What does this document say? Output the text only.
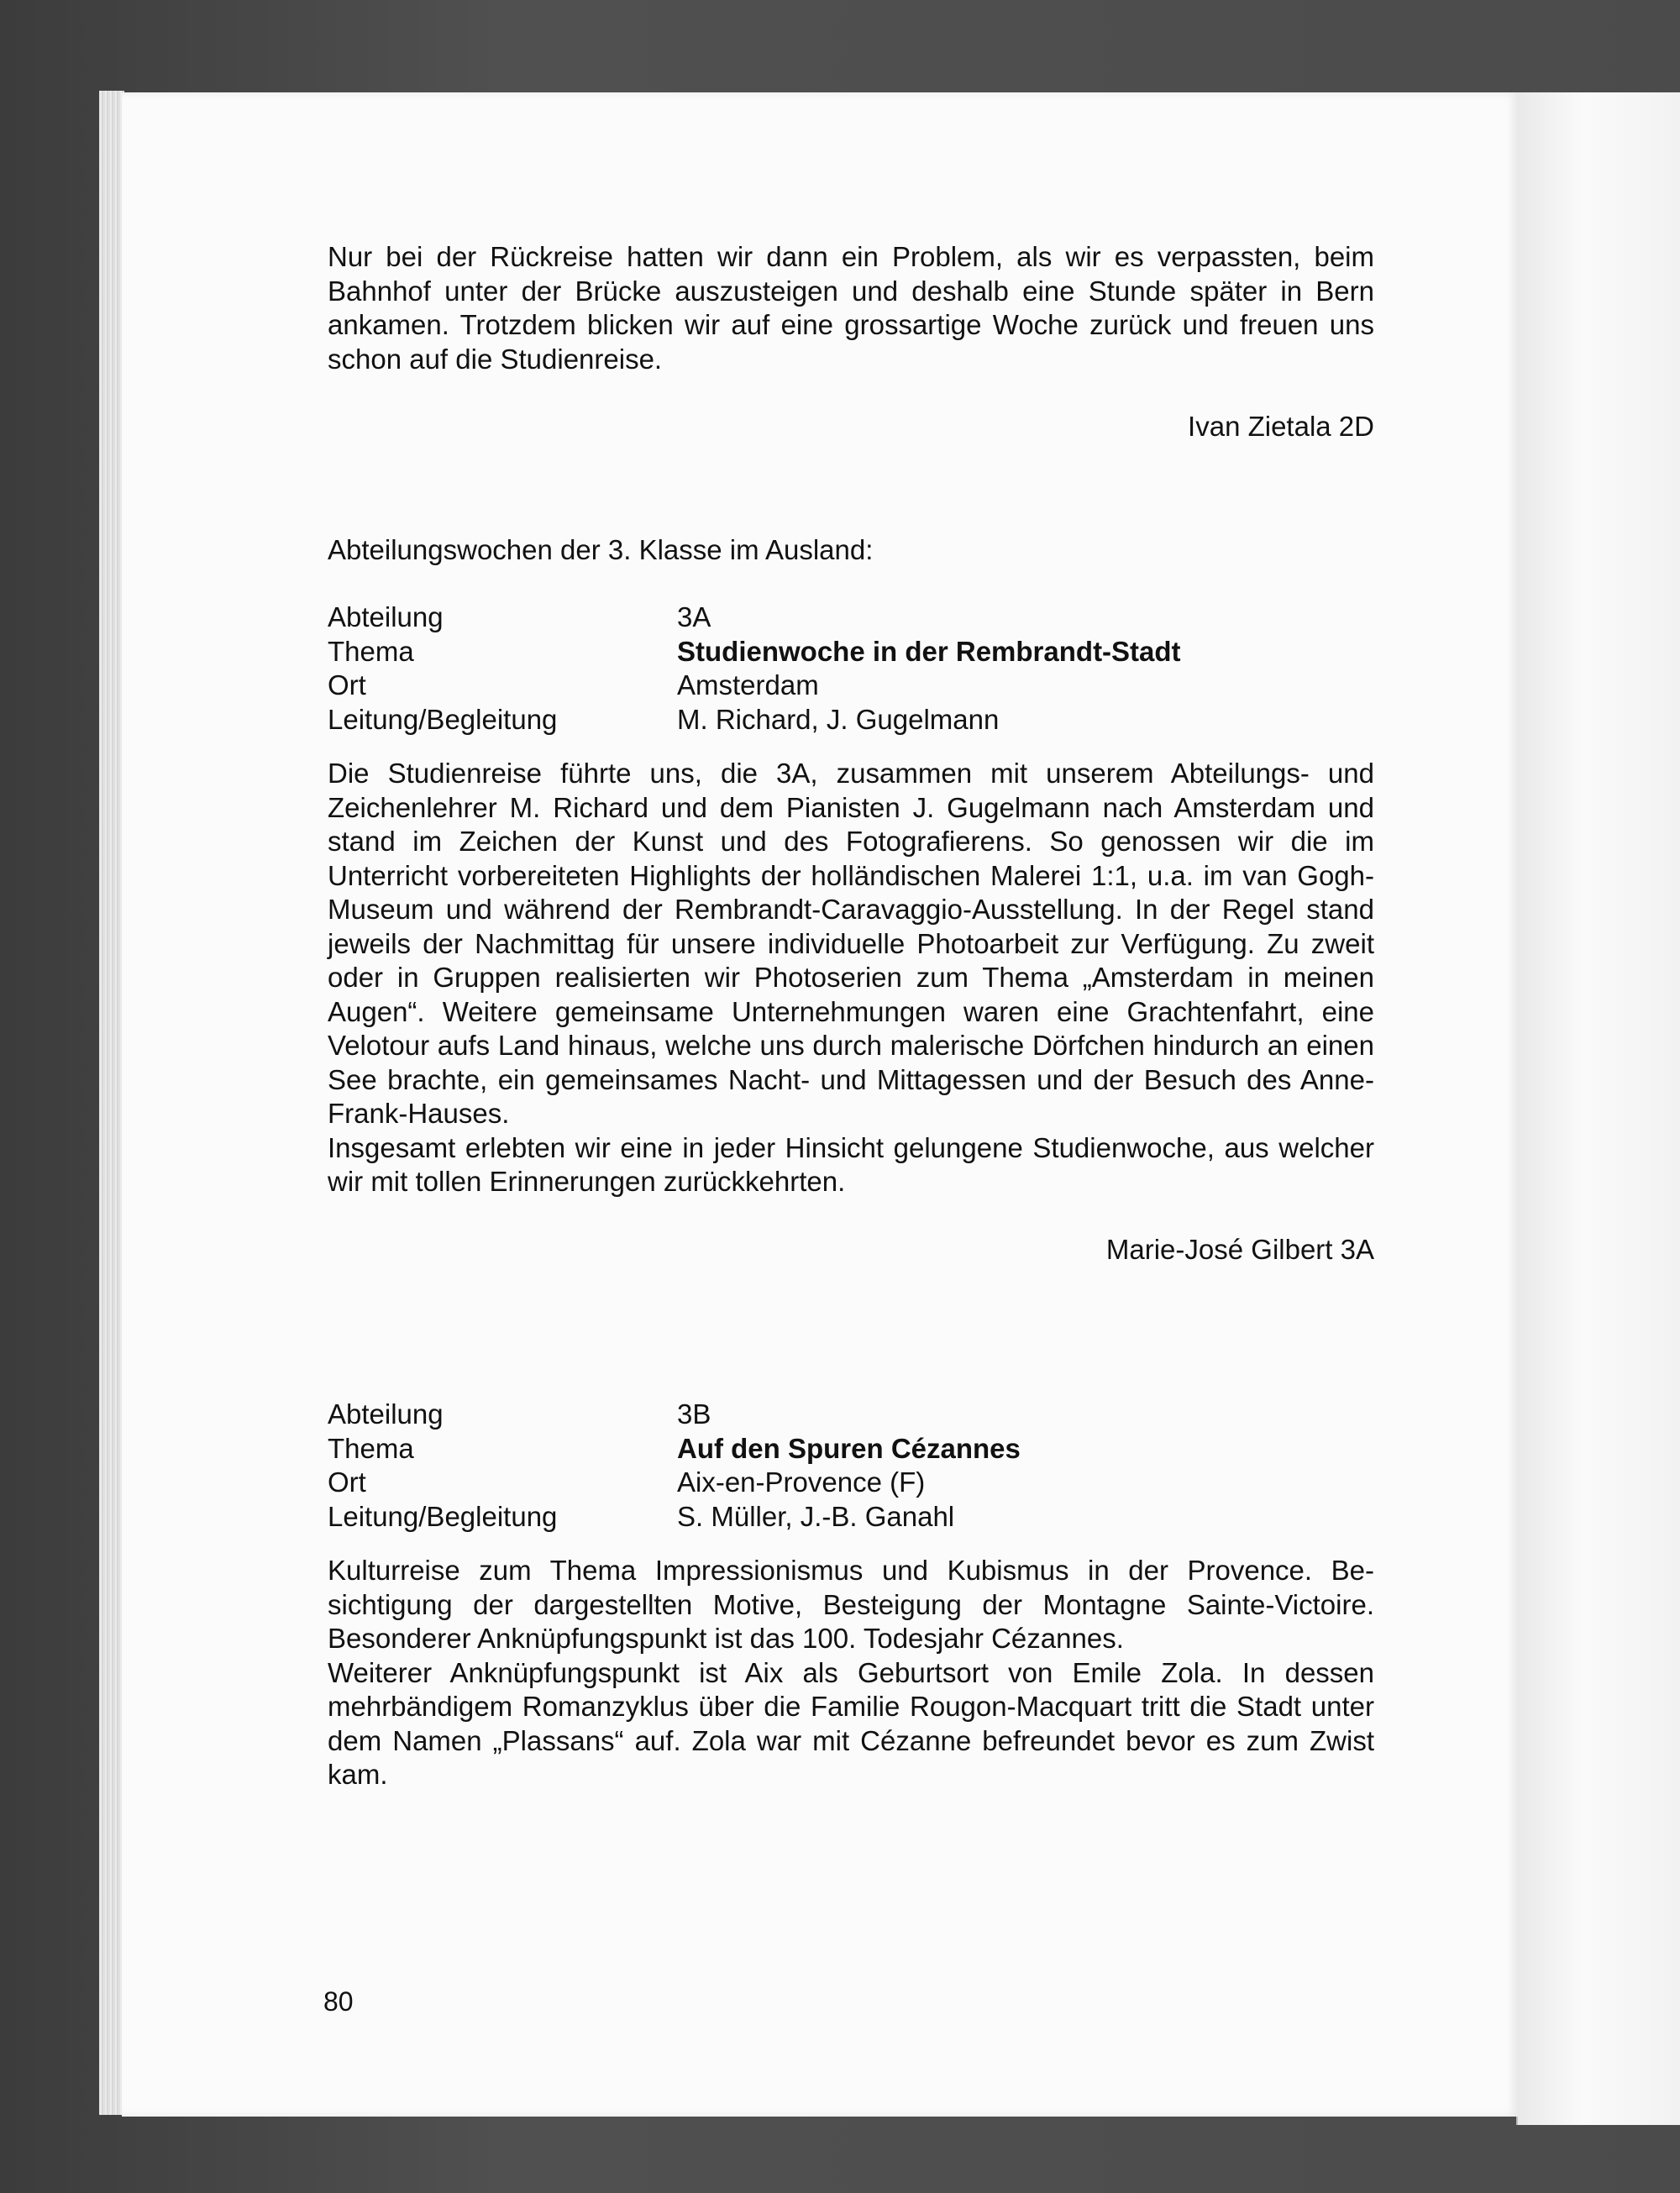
Nur bei der Rückreise hatten wir dann ein Problem, als wir es verpassten, beim Bahnhof unter der Brücke auszusteigen und deshalb eine Stunde später in Bern ankamen. Trotzdem blicken wir auf eine grossartige Woche zurück und freuen uns schon auf die Studienreise.

Ivan Zietala 2D

Abteilungswochen der 3. Klasse im Ausland:

Abteilung	3A

Thema	Studienwoche in der Rembrandt-Stadt

Ort	Amsterdam

Leitung/Begleitung	M. Richard, J. Gugelmann

Die Studienreise führte uns, die 3A, zusammen mit unserem Abteilungs- und Zeichenlehrer M. Richard und dem Pianisten J. Gugelmann nach Amsterdam und stand im Zeichen der Kunst und des Fotografierens. So genossen wir die im Unterricht vorbereiteten Highlights der holländischen Malerei 1:1, u.a. im van Gogh-Museum und während der Rembrandt-Caravaggio-Ausstellung. In der Regel stand jeweils der Nachmittag für unsere individuelle Photoarbeit zur Verfügung. Zu zweit oder in Gruppen realisierten wir Photoserien zum Thema „Amsterdam in meinen Augen“. Weitere gemeinsame Unternehmungen waren eine Grachtenfahrt, eine Velotour aufs Land hinaus, welche uns durch malerische Dörfchen hindurch an einen See brachte, ein gemeinsames Nacht- und Mittagessen und der Besuch des Anne-Frank-Hauses.

Insgesamt erlebten wir eine in jeder Hinsicht gelungene Studienwoche, aus welcher wir mit tollen Erinnerungen zurückkehrten.

Marie-José Gilbert 3A

Abteilung	3B

Thema	Auf den Spuren Cézannes

Ort	Aix-en-Provence (F)

Leitung/Begleitung	S. Müller, J.-B. Ganahl

Kulturreise zum Thema Impressionismus und Kubismus in der Provence. Besichtigung der dargestellten Motive, Besteigung der Montagne Sainte-Victoire. Besonderer Anknüpfungspunkt ist das 100. Todesjahr Cézannes.

Weiterer Anknüpfungspunkt ist Aix als Geburtsort von Emile Zola. In dessen mehrbändigem Romanzyklus über die Familie Rougon-Macquart tritt die Stadt unter dem Namen „Plassans“ auf. Zola war mit Cézanne befreundet bevor es zum Zwist kam.

80
